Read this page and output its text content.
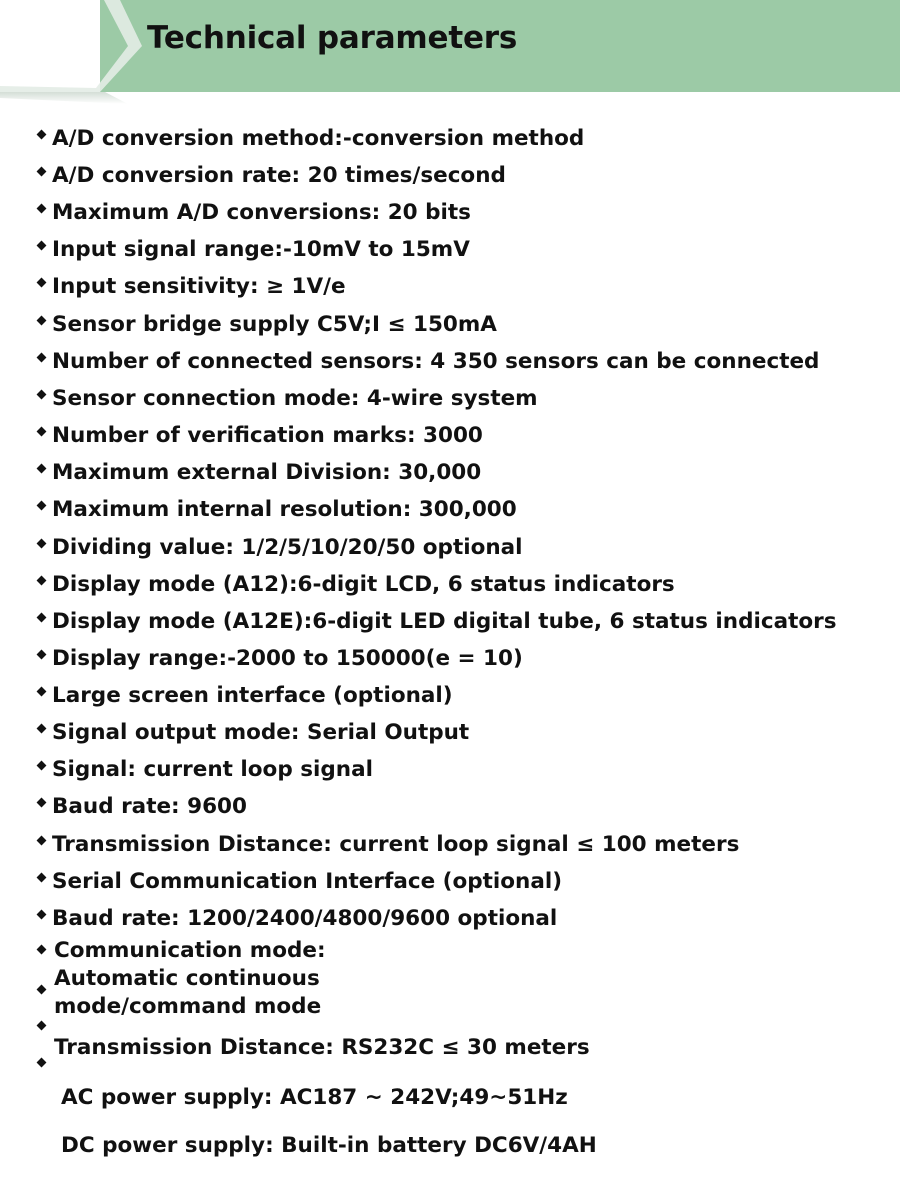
Technical parameters
A/D conversion method:-conversion method
A/D conversion rate: 20 times/second
Maximum A/D conversions: 20 bits
Input signal range:-10mV to 15mV
Input sensitivity: ≥ 1V/e
Sensor bridge supply C5V;I ≤ 150mA
Number of connected sensors: 4 350 sensors can be connected
Sensor connection mode: 4-wire system
Number of verification marks: 3000
Maximum external Division: 30,000
Maximum internal resolution: 300,000
Dividing value: 1/2/5/10/20/50 optional
Display mode (A12):6-digit LCD, 6 status indicators
Display mode (A12E):6-digit LED digital tube, 6 status indicators
Display range:-2000 to 150000(e = 10)
Large screen interface (optional)
Signal output mode: Serial Output
Signal: current loop signal
Baud rate: 9600
Transmission Distance: current loop signal ≤ 100 meters
Serial Communication Interface (optional)
Baud rate: 1200/2400/4800/9600 optional
Communication mode:
Automatic continuous
mode/command mode
Transmission Distance: RS232C ≤ 30 meters
AC power supply: AC187 ~ 242V;49~51Hz
DC power supply: Built-in battery DC6V/4AH
